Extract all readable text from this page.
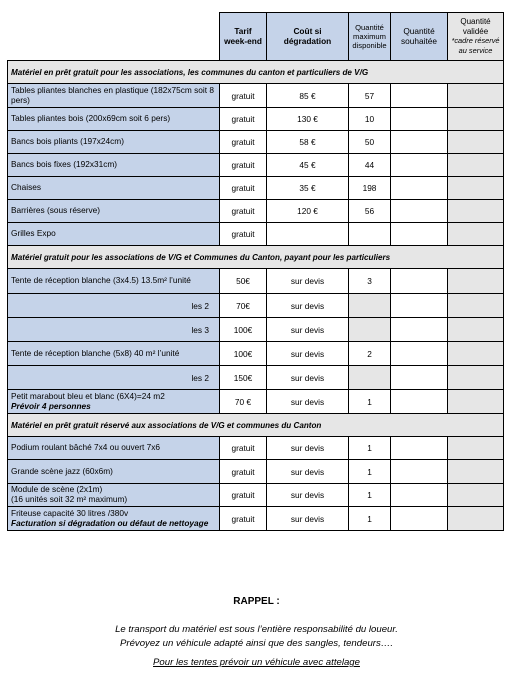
	Tarif week-end	Coût si dégradation	Quantité maximum disponible	Quantité souhaitée	Quantité validée
*cadre réservé au service
Matériel en prêt gratuit pour les associations, les communes du canton et particuliers de V/G					

Tables pliantes blanches en plastique (182x75cm soit 8 pers)	gratuit	85 €	57		

Tables pliantes bois (200x69cm soit 6 pers)	gratuit	130 €	10		

Bancs bois pliants (197x24cm)	gratuit	58 €	50		

Bancs bois fixes (192x31cm)	gratuit	45 €	44		

Chaises	gratuit	35 €	198		

Barrières (sous réserve)	gratuit	120 €	56		

Grilles Expo	gratuit				
Matériel gratuit pour les associations de V/G et Communes du Canton, payant pour les particuliers					

Tente de réception blanche (3x4.5) 13.5m² l’unité	50€	sur devis	3		

les 2	70€	sur devis			

les 3	100€	sur devis			

Tente de réception blanche (5x8) 40 m² l’unité	100€	sur devis	2		

les 2	150€	sur devis			

Petit marabout bleu et blanc (6X4)=24 m2
Prévoir 4 personnes	70 €	sur devis	1		
Matériel en prêt gratuit réservé aux associations de V/G et communes du Canton					

Podium roulant bâché 7x4 ou ouvert 7x6	gratuit	sur devis	1		

Grande scène jazz (60x6m)	gratuit	sur devis	1		

Module de scène (2x1m)
(16 unités soit 32 m² maximum)	gratuit	sur devis	1		

Friteuse capacité 30 litres /380v
Facturation si dégradation ou défaut de nettoyage	gratuit	sur devis	1		
RAPPEL :
Le transport du matériel est sous l’entière responsabilité du loueur.
Prévoyez un véhicule adapté ainsi que des sangles, tendeurs….
Pour les tentes prévoir un véhicule avec attelage
